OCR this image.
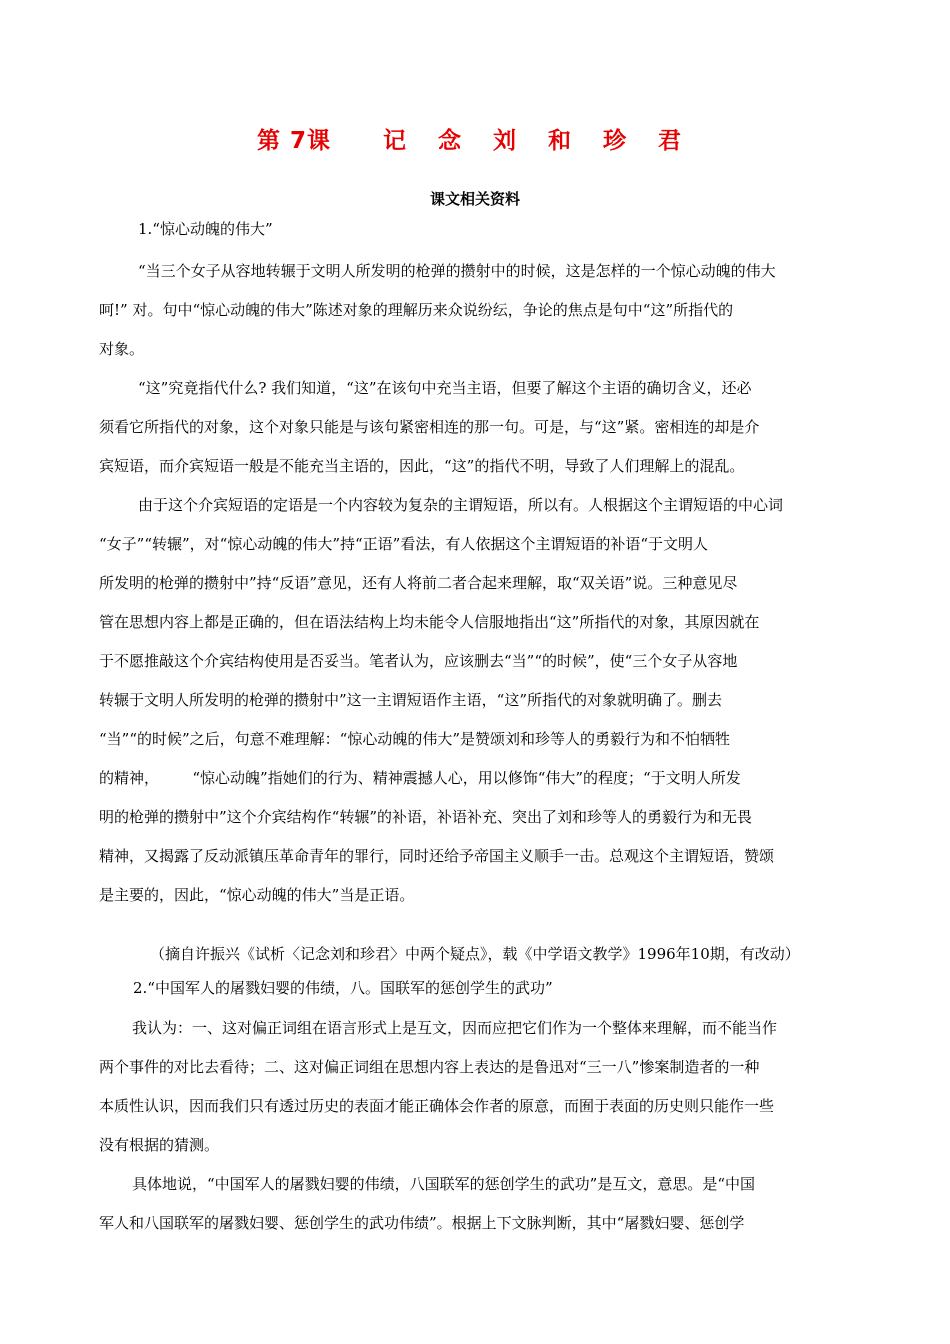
第 7课 记 念 刘 和 珍 君
课文相关资料
1.“惊心动魄的伟大”
“当三个女子从容地转辗于文明人所发明的枪弹的攒射中的时候，这是怎样的一个惊心动魄的伟大
呵!” 对。句中“惊心动魄的伟大”陈述对象的理解历来众说纷纭，争论的焦点是句中“这”所指代的
对象。
“这”究竟指代什么? 我们知道，“这”在该句中充当主语，但要了解这个主语的确切含义，还必
须看它所指代的对象，这个对象只能是与该句紧密相连的那一句。可是，与“这”紧。密相连的却是介
宾短语，而介宾短语一般是不能充当主语的，因此，“这”的指代不明，导致了人们理解上的混乱。
由于这个介宾短语的定语是一个内容较为复杂的主谓短语，所以有。人根据这个主谓短语的中心词
“女子”“转辗”，对“惊心动魄的伟大”持“正语”看法，有人依据这个主谓短语的补语“于文明人
所发明的枪弹的攒射中”持“反语”意见，还有人将前二者合起来理解，取“双关语”说。三种意见尽
管在思想内容上都是正确的，但在语法结构上均未能令人信服地指出“这”所指代的对象，其原因就在
于不愿推敲这个介宾结构使用是否妥当。笔者认为，应该删去“当”“的时候”，使“三个女子从容地
转辗于文明人所发明的枪弹的攒射中”这一主谓短语作主语，“这”所指代的对象就明确了。删去
“当”“的时候”之后，句意不难理解：“惊心动魄的伟大”是赞颂刘和珍等人的勇毅行为和不怕牺牲
的精神，       “惊心动魄”指她们的行为、精神震撼人心，用以修饰“伟大”的程度；“于文明人所发
明的枪弹的攒射中”这个介宾结构作“转辗”的补语，补语补充、突出了刘和珍等人的勇毅行为和无畏
精神，又揭露了反动派镇压革命青年的罪行，同时还给予帝国主义顺手一击。总观这个主谓短语，赞颂
是主要的，因此，“惊心动魄的伟大”当是正语。
（摘自许振兴《试析〈记念刘和珍君〉中两个疑点》，载《中学语文教学》1996年10期，有改动）
2.“中国军人的屠戮妇婴的伟绩，八。国联军的惩创学生的武功”
我认为：一、这对偏正词组在语言形式上是互文，因而应把它们作为一个整体来理解，而不能当作
两个事件的对比去看待；二、这对偏正词组在思想内容上表达的是鲁迅对“三一八”惨案制造者的一种
本质性认识，因而我们只有透过历史的表面才能正确体会作者的原意，而囿于表面的历史则只能作一些
没有根据的猜测。
具体地说，“中国军人的屠戮妇婴的伟绩，八国联军的惩创学生的武功”是互文，意思。是“中国
军人和八国联军的屠戮妇婴、惩创学生的武功伟绩”。根据上下文脉判断，其中“屠戮妇婴、惩创学
